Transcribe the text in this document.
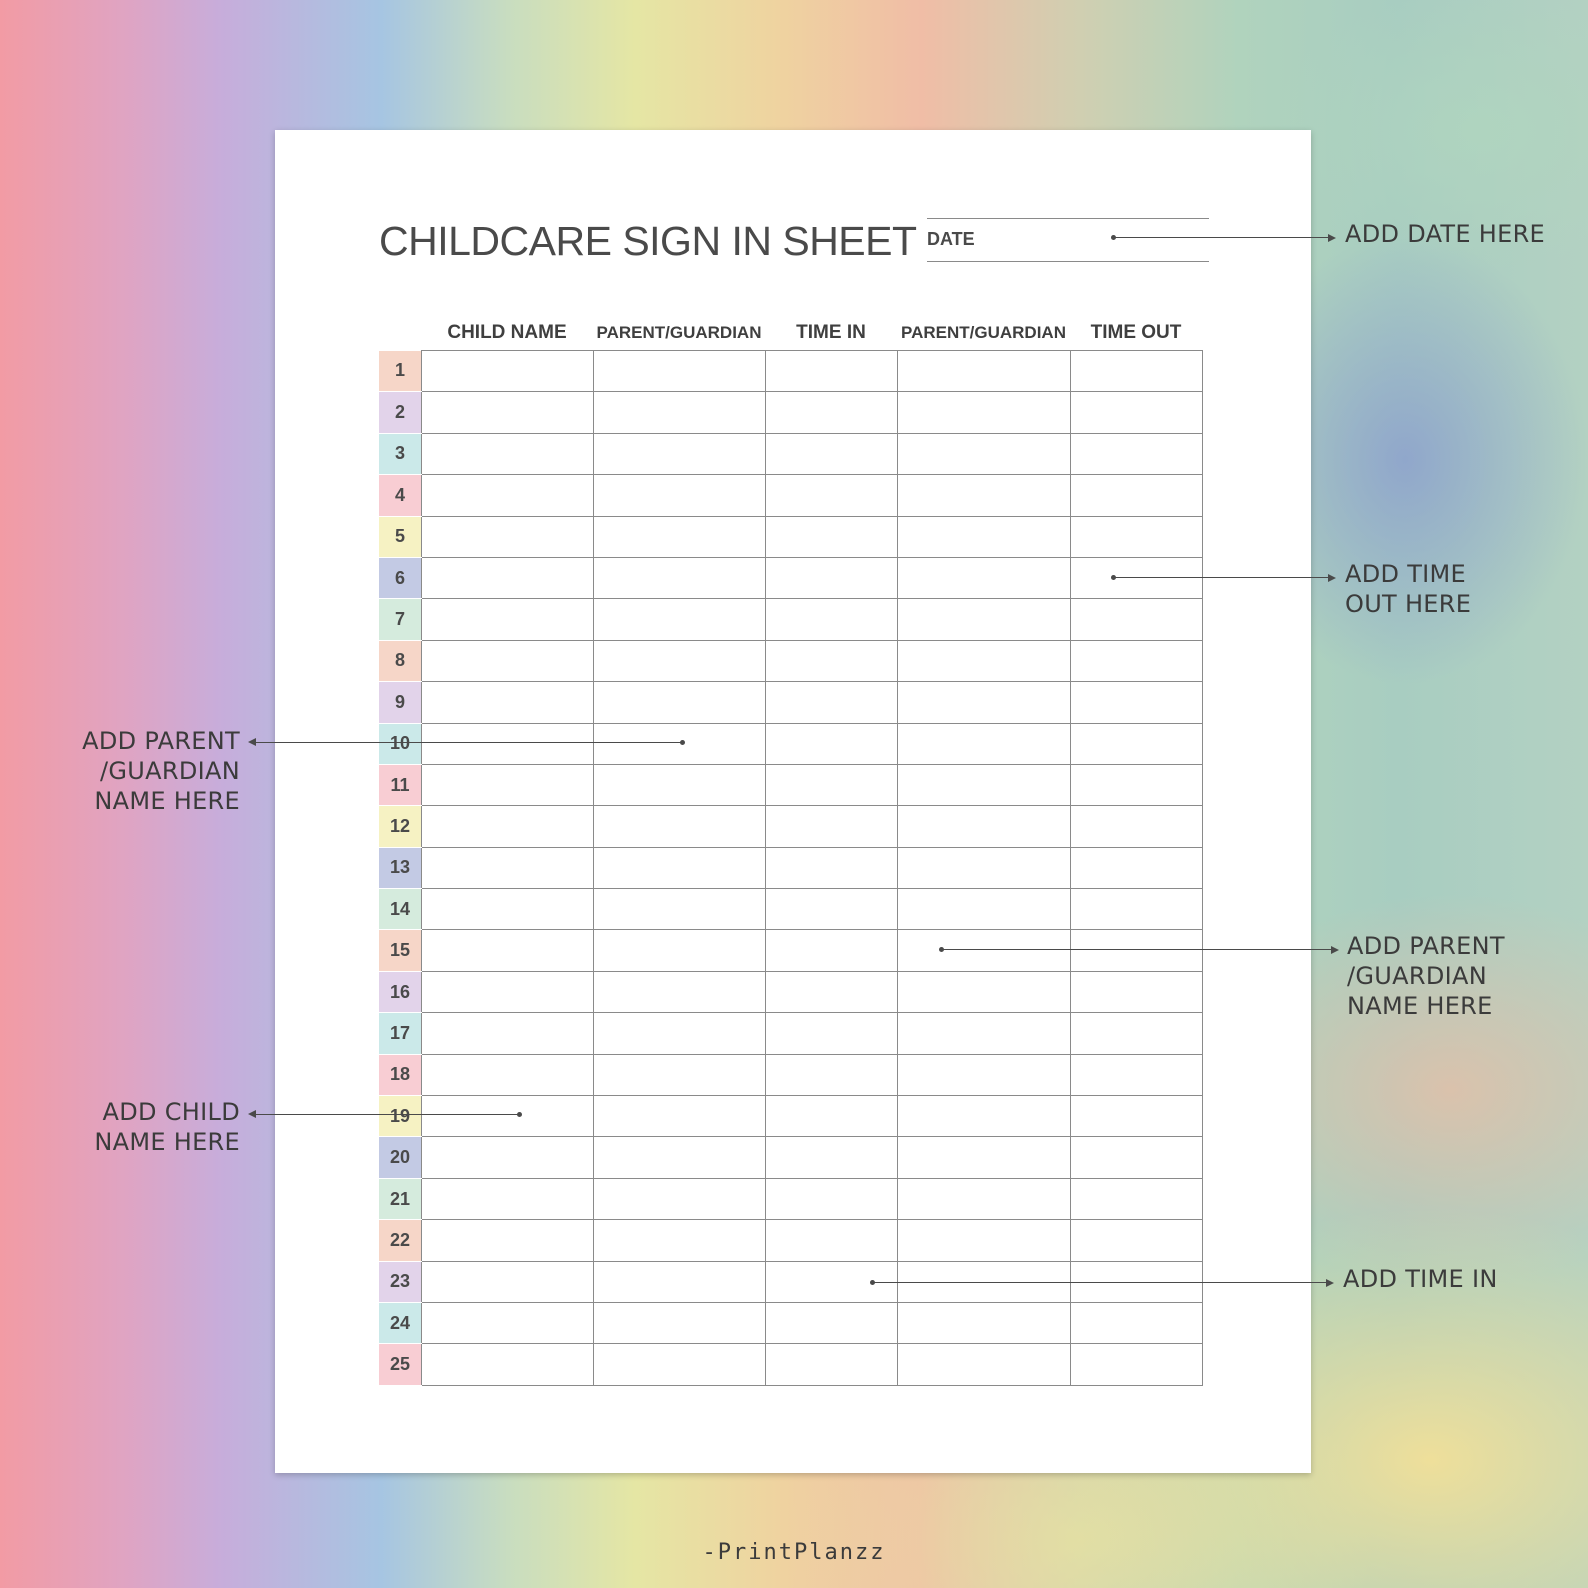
CHILDCARE SIGN IN SHEET DATE
CHILD NAME	PARENT/GUARDIAN	TIME IN	PARENT/GUARDIAN	TIME OUT
1					
2					
3					
4					
5					
6					
7					
8					
9					
10					
11					
12					
13					
14					
15					
16					
17					
18					
19					
20					
21					
22					
23					
24					
25					
ADD DATE HERE
ADD TIME
OUT HERE
ADD PARENT
/GUARDIAN
NAME HERE
ADD PARENT
/GUARDIAN
NAME HERE
ADD CHILD
NAME HERE
ADD TIME IN
-PrintPlanzz
